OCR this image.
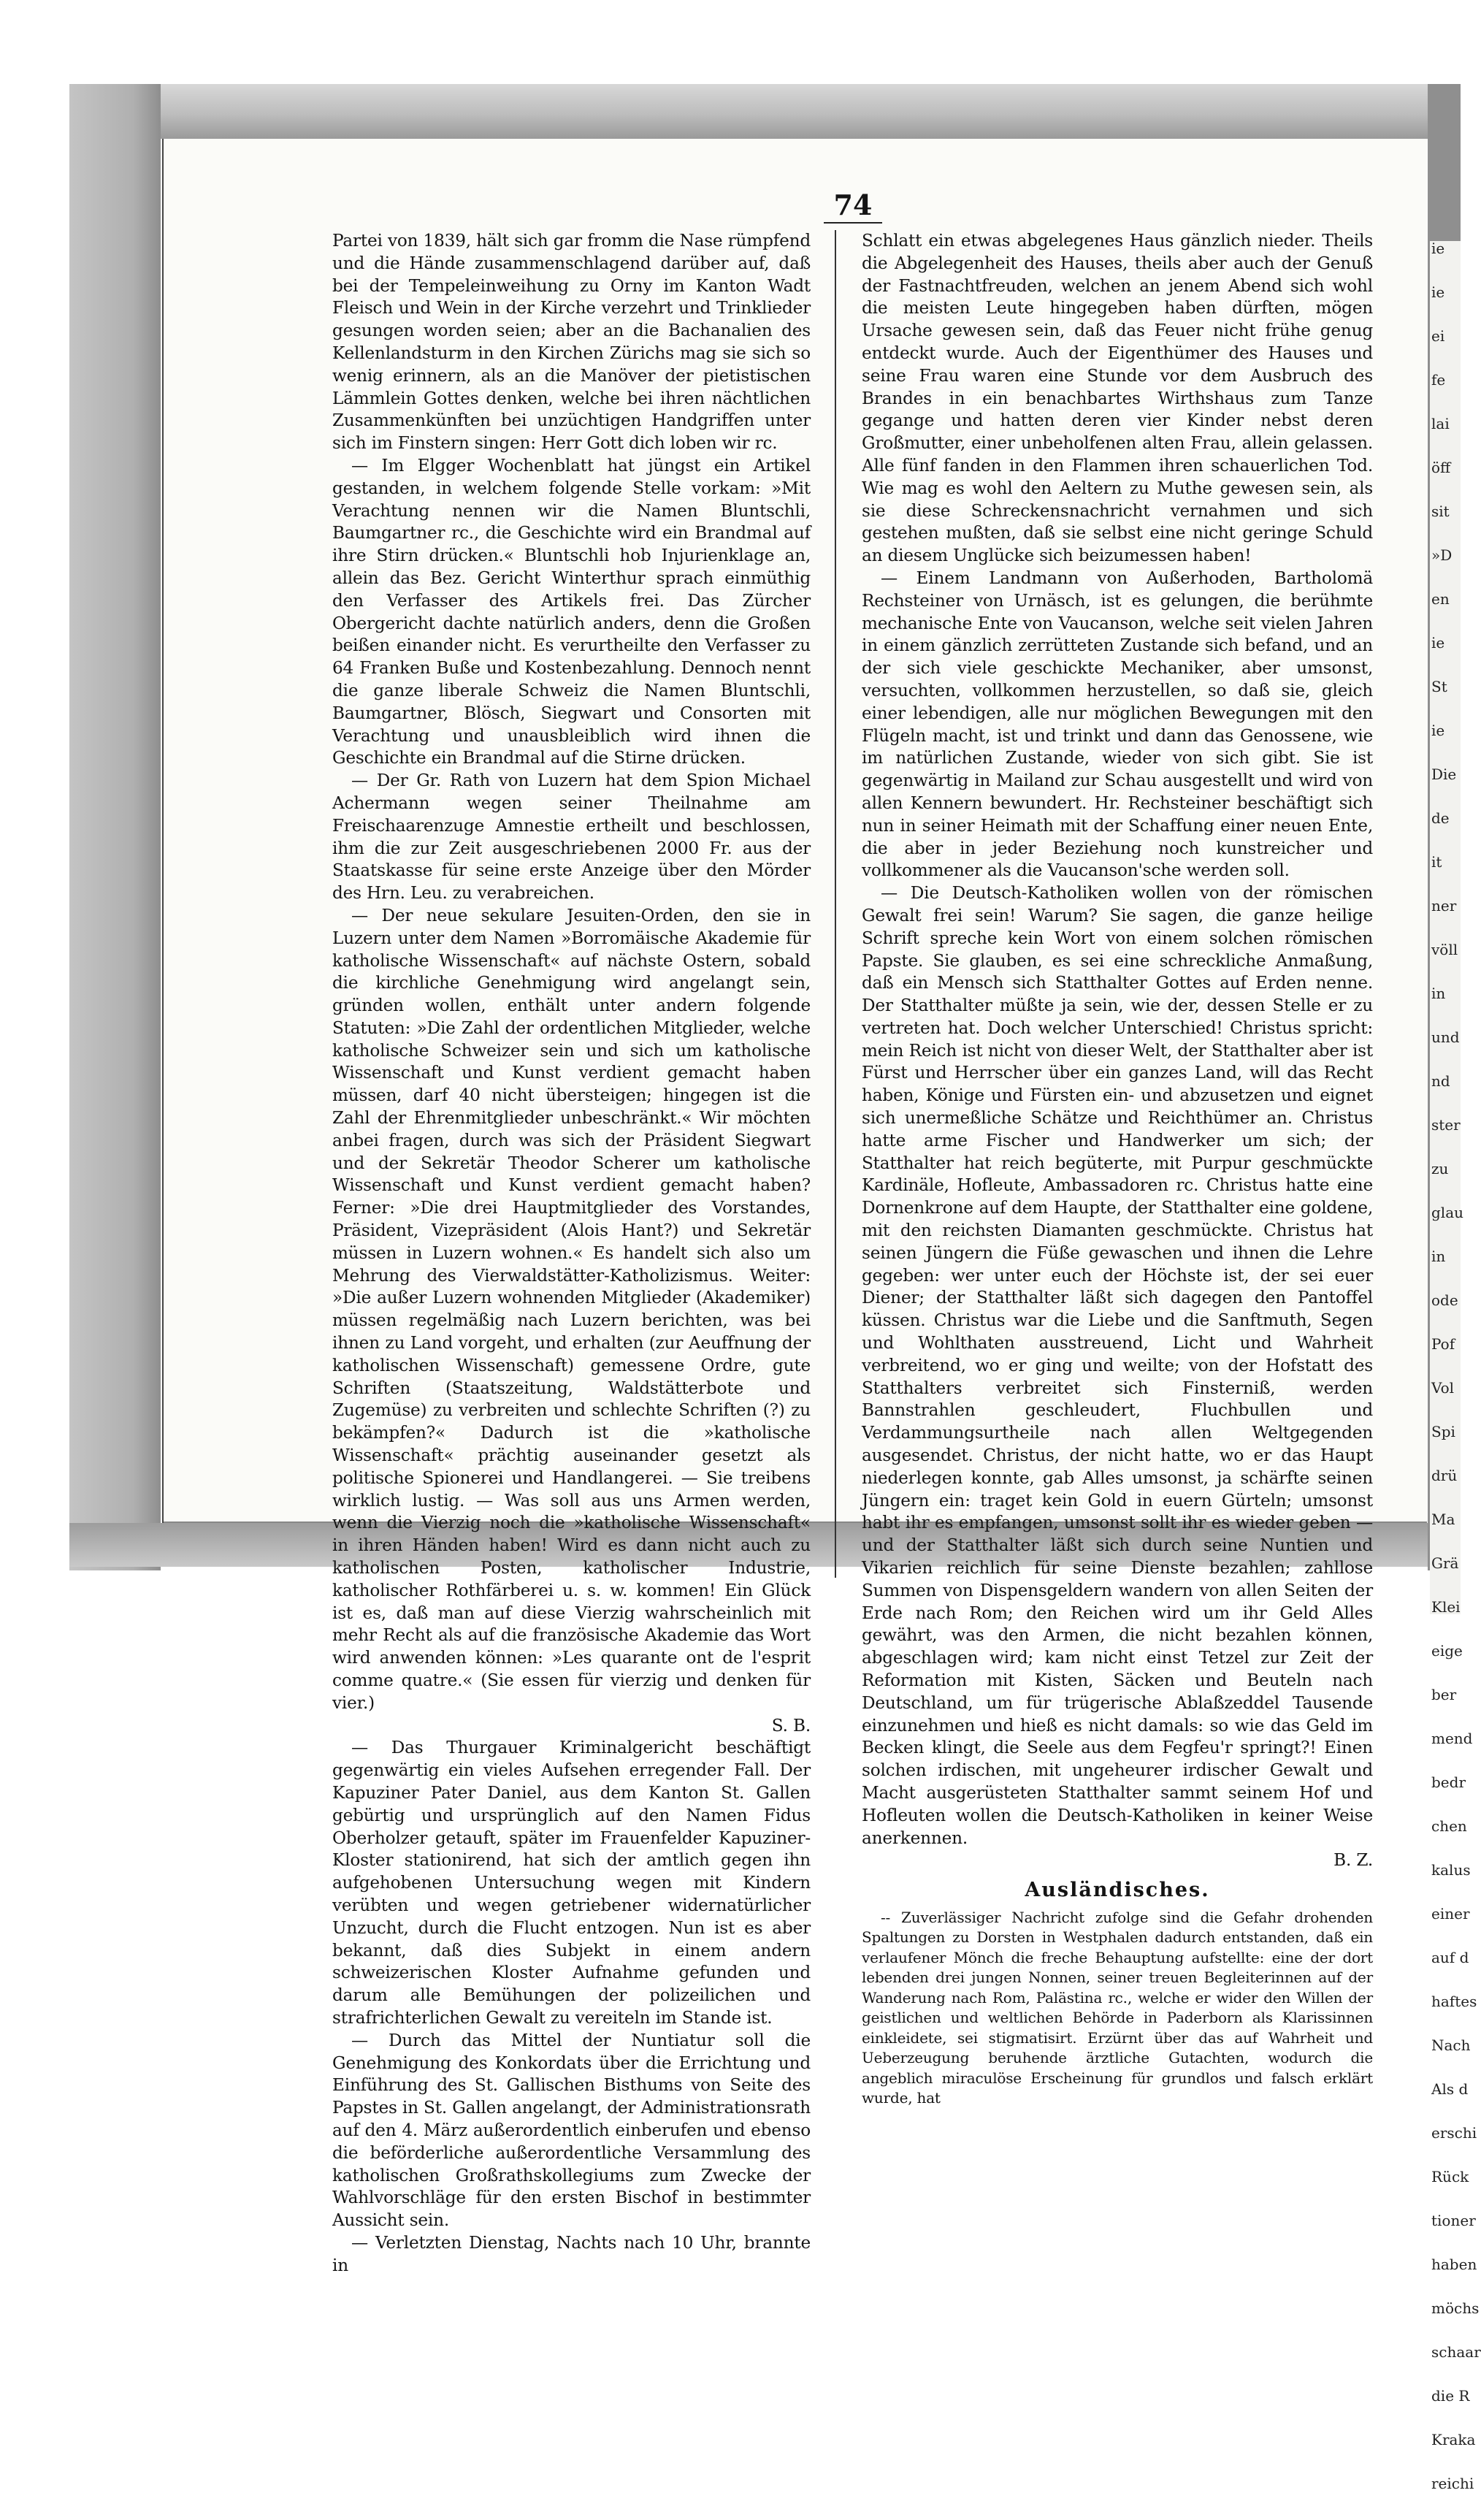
74

Partei von 1839, hält sich gar fromm die Nase rümpfend und die Hände zusammenschlagend darüber auf, daß bei der Tempeleinweihung zu Orny im Kanton Wadt Fleisch und Wein in der Kirche verzehrt und Trinklieder gesungen worden seien; aber an die Bachanalien des Kellenlandsturm in den Kirchen Zürichs mag sie sich so wenig erinnern, als an die Manöver der pietistischen Lämmlein Gottes denken, welche bei ihren nächtlichen Zusammenkünften bei unzüchtigen Handgriffen unter sich im Finstern singen: Herr Gott dich loben wir rc.

— Im Elgger Wochenblatt hat jüngst ein Artikel gestanden, in welchem folgende Stelle vorkam: »Mit Verachtung nennen wir die Namen Bluntschli, Baumgartner rc., die Geschichte wird ein Brandmal auf ihre Stirn drücken.« Bluntschli hob Injurienklage an, allein das Bez. Gericht Winterthur sprach einmüthig den Verfasser des Artikels frei. Das Zürcher Obergericht dachte natürlich anders, denn die Großen beißen einander nicht. Es verurtheilte den Verfasser zu 64 Franken Buße und Kostenbezahlung. Dennoch nennt die ganze liberale Schweiz die Namen Bluntschli, Baumgartner, Blösch, Siegwart und Consorten mit Verachtung und unausbleiblich wird ihnen die Geschichte ein Brandmal auf die Stirne drücken.

— Der Gr. Rath von Luzern hat dem Spion Michael Achermann wegen seiner Theilnahme am Freischaarenzuge Amnestie ertheilt und beschlossen, ihm die zur Zeit ausgeschriebenen 2000 Fr. aus der Staatskasse für seine erste Anzeige über den Mörder des Hrn. Leu. zu verabreichen.

— Der neue sekulare Jesuiten-Orden, den sie in Luzern unter dem Namen »Borromäische Akademie für katholische Wissenschaft« auf nächste Ostern, sobald die kirchliche Genehmigung wird angelangt sein, gründen wollen, enthält unter andern folgende Statuten: »Die Zahl der ordentlichen Mitglieder, welche katholische Schweizer sein und sich um katholische Wissenschaft und Kunst verdient gemacht haben müssen, darf 40 nicht übersteigen; hingegen ist die Zahl der Ehrenmitglieder unbeschränkt.« Wir möchten anbei fragen, durch was sich der Präsident Siegwart und der Sekretär Theodor Scherer um katholische Wissenschaft und Kunst verdient gemacht haben? Ferner: »Die drei Hauptmitglieder des Vorstandes, Präsident, Vizepräsident (Alois Hant?) und Sekretär müssen in Luzern wohnen.« Es handelt sich also um Mehrung des Vierwaldstätter-Katholizismus. Weiter: »Die außer Luzern wohnenden Mitglieder (Akademiker) müssen regelmäßig nach Luzern berichten, was bei ihnen zu Land vorgeht, und erhalten (zur Aeuffnung der katholischen Wissenschaft) gemessene Ordre, gute Schriften (Staatszeitung, Waldstätterbote und Zugemüse) zu verbreiten und schlechte Schriften (?) zu bekämpfen?« Dadurch ist die »katholische Wissenschaft« prächtig auseinander gesetzt als politische Spionerei und Handlangerei. — Sie treibens wirklich lustig. — Was soll aus uns Armen werden, wenn die Vierzig noch die »katholische Wissenschaft« in ihren Händen haben! Wird es dann nicht auch zu katholischen Posten, katholischer Industrie, katholischer Rothfärberei u. s. w. kommen! Ein Glück ist es, daß man auf diese Vierzig wahrscheinlich mit mehr Recht als auf die französische Akademie das Wort wird anwenden können: »Les quarante ont de l'esprit comme quatre.« (Sie essen für vierzig und denken für vier.)

S. B.

— Das Thurgauer Kriminalgericht beschäftigt gegenwärtig ein vieles Aufsehen erregender Fall. Der Kapuziner Pater Daniel, aus dem Kanton St. Gallen gebürtig und ursprünglich auf den Namen Fidus Oberholzer getauft, später im Frauenfelder Kapuziner-Kloster stationirend, hat sich der amtlich gegen ihn aufgehobenen Untersuchung wegen mit Kindern verübten und wegen getriebener widernatürlicher Unzucht, durch die Flucht entzogen. Nun ist es aber bekannt, daß dies Subjekt in einem andern schweizerischen Kloster Aufnahme gefunden und darum alle Bemühungen der polizeilichen und strafrichterlichen Gewalt zu vereiteln im Stande ist.

— Durch das Mittel der Nuntiatur soll die Genehmigung des Konkordats über die Errichtung und Einführung des St. Gallischen Bisthums von Seite des Papstes in St. Gallen angelangt, der Administrationsrath auf den 4. März außerordentlich einberufen und ebenso die beförderliche außerordentliche Versammlung des katholischen Großrathskollegiums zum Zwecke der Wahlvorschläge für den ersten Bischof in bestimmter Aussicht sein.

— Verletzten Dienstag, Nachts nach 10 Uhr, brannte in

Schlatt ein etwas abgelegenes Haus gänzlich nieder. Theils die Abgelegenheit des Hauses, theils aber auch der Genuß der Fastnachtfreuden, welchen an jenem Abend sich wohl die meisten Leute hingegeben haben dürften, mögen Ursache gewesen sein, daß das Feuer nicht frühe genug entdeckt wurde. Auch der Eigenthümer des Hauses und seine Frau waren eine Stunde vor dem Ausbruch des Brandes in ein benachbartes Wirthshaus zum Tanze gegange und hatten deren vier Kinder nebst deren Großmutter, einer unbeholfenen alten Frau, allein gelassen. Alle fünf fanden in den Flammen ihren schauerlichen Tod. Wie mag es wohl den Aeltern zu Muthe gewesen sein, als sie diese Schreckensnachricht vernahmen und sich gestehen mußten, daß sie selbst eine nicht geringe Schuld an diesem Unglücke sich beizumessen haben!

— Einem Landmann von Außerhoden, Bartholomä Rechsteiner von Urnäsch, ist es gelungen, die berühmte mechanische Ente von Vaucanson, welche seit vielen Jahren in einem gänzlich zerrütteten Zustande sich befand, und an der sich viele geschickte Mechaniker, aber umsonst, versuchten, vollkommen herzustellen, so daß sie, gleich einer lebendigen, alle nur möglichen Bewegungen mit den Flügeln macht, ist und trinkt und dann das Genossene, wie im natürlichen Zustande, wieder von sich gibt. Sie ist gegenwärtig in Mailand zur Schau ausgestellt und wird von allen Kennern bewundert. Hr. Rechsteiner beschäftigt sich nun in seiner Heimath mit der Schaffung einer neuen Ente, die aber in jeder Beziehung noch kunstreicher und vollkommener als die Vaucanson'sche werden soll.

— Die Deutsch-Katholiken wollen von der römischen Gewalt frei sein! Warum? Sie sagen, die ganze heilige Schrift spreche kein Wort von einem solchen römischen Papste. Sie glauben, es sei eine schreckliche Anmaßung, daß ein Mensch sich Statthalter Gottes auf Erden nenne. Der Statthalter müßte ja sein, wie der, dessen Stelle er zu vertreten hat. Doch welcher Unterschied! Christus spricht: mein Reich ist nicht von dieser Welt, der Statthalter aber ist Fürst und Herrscher über ein ganzes Land, will das Recht haben, Könige und Fürsten ein- und abzusetzen und eignet sich unermeßliche Schätze und Reichthümer an. Christus hatte arme Fischer und Handwerker um sich; der Statthalter hat reich begüterte, mit Purpur geschmückte Kardinäle, Hofleute, Ambassadoren rc. Christus hatte eine Dornenkrone auf dem Haupte, der Statthalter eine goldene, mit den reichsten Diamanten geschmückte. Christus hat seinen Jüngern die Füße gewaschen und ihnen die Lehre gegeben: wer unter euch der Höchste ist, der sei euer Diener; der Statthalter läßt sich dagegen den Pantoffel küssen. Christus war die Liebe und die Sanftmuth, Segen und Wohlthaten ausstreuend, Licht und Wahrheit verbreitend, wo er ging und weilte; von der Hofstatt des Statthalters verbreitet sich Finsterniß, werden Bannstrahlen geschleudert, Fluchbullen und Verdammungsurtheile nach allen Weltgegenden ausgesendet. Christus, der nicht hatte, wo er das Haupt niederlegen konnte, gab Alles umsonst, ja schärfte seinen Jüngern ein: traget kein Gold in euern Gürteln; umsonst habt ihr es empfangen, umsonst sollt ihr es wieder geben — und der Statthalter läßt sich durch seine Nuntien und Vikarien reichlich für seine Dienste bezahlen; zahllose Summen von Dispensgeldern wandern von allen Seiten der Erde nach Rom; den Reichen wird um ihr Geld Alles gewährt, was den Armen, die nicht bezahlen können, abgeschlagen wird; kam nicht einst Tetzel zur Zeit der Reformation mit Kisten, Säcken und Beuteln nach Deutschland, um für trügerische Ablaßzeddel Tausende einzunehmen und hieß es nicht damals: so wie das Geld im Becken klingt, die Seele aus dem Fegfeu'r springt?! Einen solchen irdischen, mit ungeheurer irdischer Gewalt und Macht ausgerüsteten Statthalter sammt seinem Hof und Hofleuten wollen die Deutsch-Katholiken in keiner Weise anerkennen.

B. Z.
Ausländisches.

-- Zuverlässiger Nachricht zufolge sind die Gefahr drohenden Spaltungen zu Dorsten in Westphalen dadurch entstanden, daß ein verlaufener Mönch die freche Behauptung aufstellte: eine der dort lebenden drei jungen Nonnen, seiner treuen Begleiterinnen auf der Wanderung nach Rom, Palästina rc., welche er wider den Willen der geistlichen und weltlichen Behörde in Paderborn als Klarissinnen einkleidete, sei stigmatisirt. Erzürnt über das auf Wahrheit und Ueberzeugung beruhende ärztliche Gutachten, wodurch die angeblich miraculöse Erscheinung für grundlos und falsch erklärt wurde, hat

ie
ie
ei
fe
lai
öff
sit
»D
en
ie
St
ie
Die
de
it
ner
völl
in
und
nd
ster
zu
glau
in
ode
Pof
Vol
Spi
drü
Ma
Grä
Klei
eige
ber
mend
bedr
chen
kalus
einer
auf d
haftes
Nach
Als d
erschi
Rück
tioner
haben
möchs
schaar
die R
Kraka
reichi
